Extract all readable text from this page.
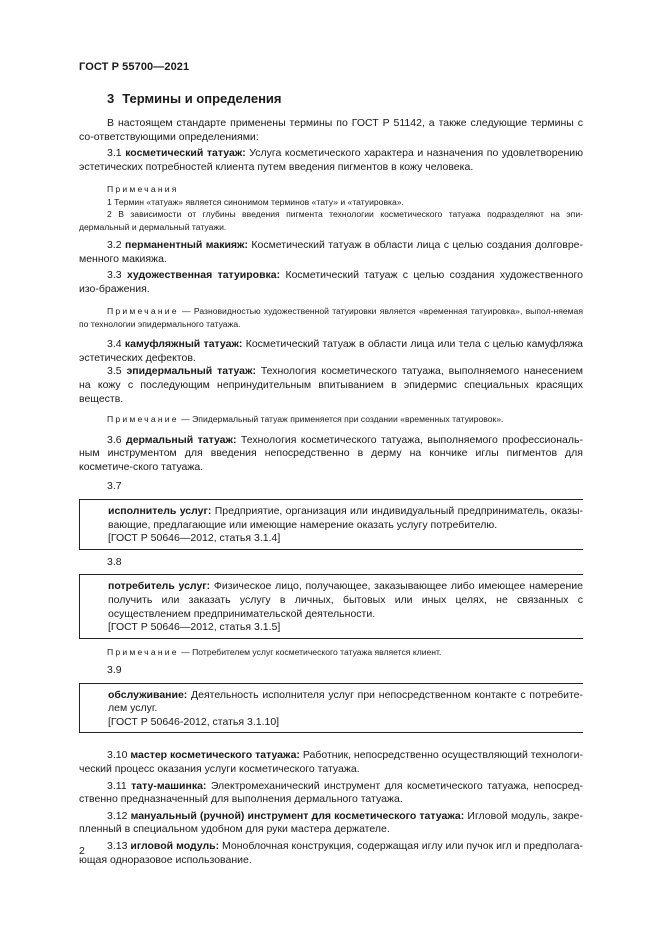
ГОСТ Р 55700—2021
3 Термины и определения

В настоящем стандарте применены термины по ГОСТ Р 51142, а также следующие термины с со-ответствующими определениями:

3.1 косметический татуаж: Услуга косметического характера и назначения по удовлетворению эстетических потребностей клиента путем введения пигментов в кожу человека.

Примечания

1 Термин «татуаж» является синонимом терминов «тату» и «татуировка».

2 В зависимости от глубины введения пигмента технологии косметического татуажа подразделяют на эпи-дермальный и дермальный татуажи.

3.2 перманентный макияж: Косметический татуаж в области лица с целью создания долговре-менного макияжа.

3.3 художественная татуировка: Косметический татуаж с целью создания художественного изо-бражения.

Примечание — Разновидностью художественной татуировки является «временная татуировка», выпол-няемая по технологии эпидермального татуажа.

3.4 камуфляжный татуаж: Косметический татуаж в области лица или тела с целью камуфляжа эстетических дефектов.

3.5 эпидермальный татуаж: Технология косметического татуажа, выполняемого нанесением на кожу с последующим непринудительным впитыванием в эпидермис специальных красящих веществ.

Примечание — Эпидермальный татуаж применяется при создании «временных татуировок».

3.6 дермальный татуаж: Технология косметического татуажа, выполняемого профессиональ-ным инструментом для введения непосредственно в дерму на кончике иглы пигментов для косметиче-ского татуажа.

3.7

исполнитель услуг: Предприятие, организация или индивидуальный предприниматель, оказы-вающие, предлагающие или имеющие намерение оказать услугу потребителю.

[ГОСТ Р 50646—2012, статья 3.1.4]

3.8

потребитель услуг: Физическое лицо, получающее, заказывающее либо имеющее намерение получить или заказать услугу в личных, бытовых или иных целях, не связанных с осуществлением предпринимательской деятельности.

[ГОСТ Р 50646—2012, статья 3.1.5]

Примечание — Потребителем услуг косметического татуажа является клиент.

3.9

обслуживание: Деятельность исполнителя услуг при непосредственном контакте с потребите-лем услуг.

[ГОСТ Р 50646-2012, статья 3.1.10]

3.10 мастер косметического татуажа: Работник, непосредственно осуществляющий технологи-ческий процесс оказания услуги косметического татуажа.

3.11 тату-машинка: Электромеханический инструмент для косметического татуажа, непосред-ственно предназначенный для выполнения дермального татуажа.

3.12 мануальный (ручной) инструмент для косметического татуажа: Игловой модуль, закре-пленный в специальном удобном для руки мастера держателе.

3.13 игловой модуль: Моноблочная конструкция, содержащая иглу или пучок игл и предполага-ющая одноразовое использование.

2
